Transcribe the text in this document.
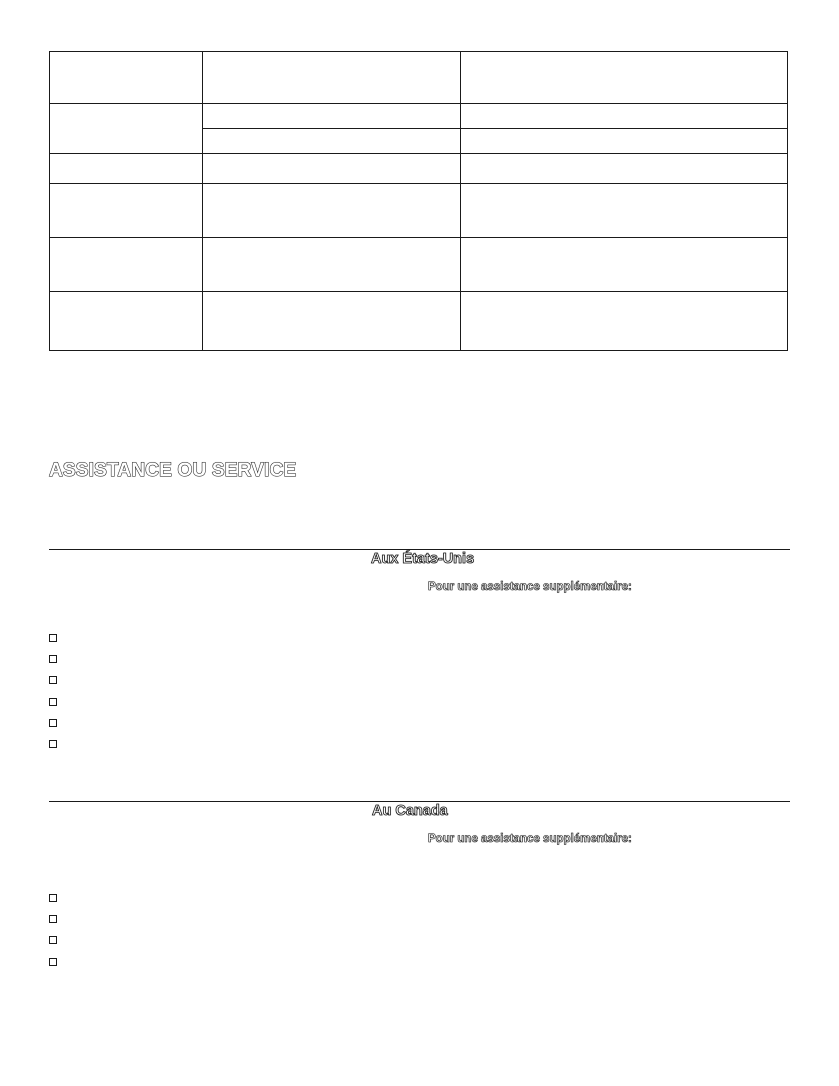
ASSISTANCE OU SERVICE
Aux États-Unis
Pour une assistance supplémentaire:
Au Canada
Pour une assistance supplémentaire:
